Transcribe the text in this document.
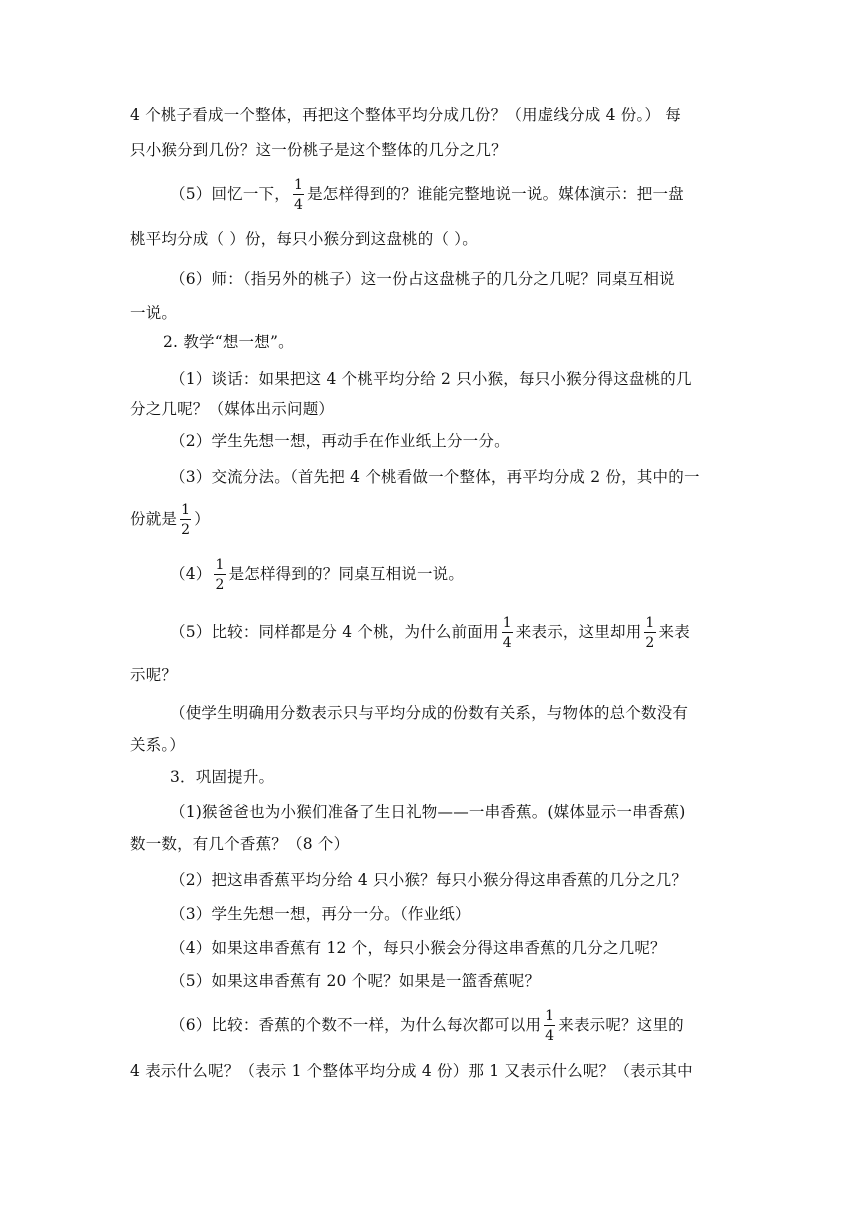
4 个桃子看成一个整体，再把这个整体平均分成几份？（用虚线分成 4 份。） 每
只小猴分到几份？这一份桃子是这个整体的几分之几？
（5）回忆一下， $\frac{1}{4}$ 是怎样得到的？谁能完整地说一说。媒体演示：把一盘
桃平均分成（ ）份，每只小猴分到这盘桃的（ ）。
（6）师：（指另外的桃子）这一份占这盘桃子的几分之几呢？同桌互相说
一说。
2. 教学“想一想”。
（1）谈话：如果把这 4 个桃平均分给 2 只小猴，每只小猴分得这盘桃的几
分之几呢？（媒体出示问题）
（2）学生先想一想，再动手在作业纸上分一分。
（3）交流分法。（首先把 4 个桃看做一个整体，再平均分成 2 份，其中的一
份就是 $\frac{1}{2}$ ）
$(4) \frac{1}{2}$ 是怎样得到的？同桌互相说一说。
（5）比较：同样都是分 4 个桃，为什么前面用 $\frac{1}{4}$ 来表示，这里却用 $\frac{1}{2}$ 来表
示呢？
（使学生明确用分数表示只与平均分成的份数有关系，与物体的总个数没有
关系。）
3．巩固提升。
（1)猴爸爸也为小猴们准备了生日礼物——一串香蕉。(媒体显示一串香蕉)
数一数，有几个香蕉？（8 个）
（2）把这串香蕉平均分给 4 只小猴？每只小猴分得这串香蕉的几分之几？
（3）学生先想一想，再分一分。（作业纸）
（4）如果这串香蕉有 12 个，每只小猴会分得这串香蕉的几分之几呢？
（5）如果这串香蕉有 20 个呢？如果是一篮香蕉呢？
（6）比较：香蕉的个数不一样，为什么每次都可以用 $\frac{1}{4}$ 来表示呢？这里的
4 表示什么呢？（表示 1 个整体平均分成 4 份）那 1 又表示什么呢？（表示其中
